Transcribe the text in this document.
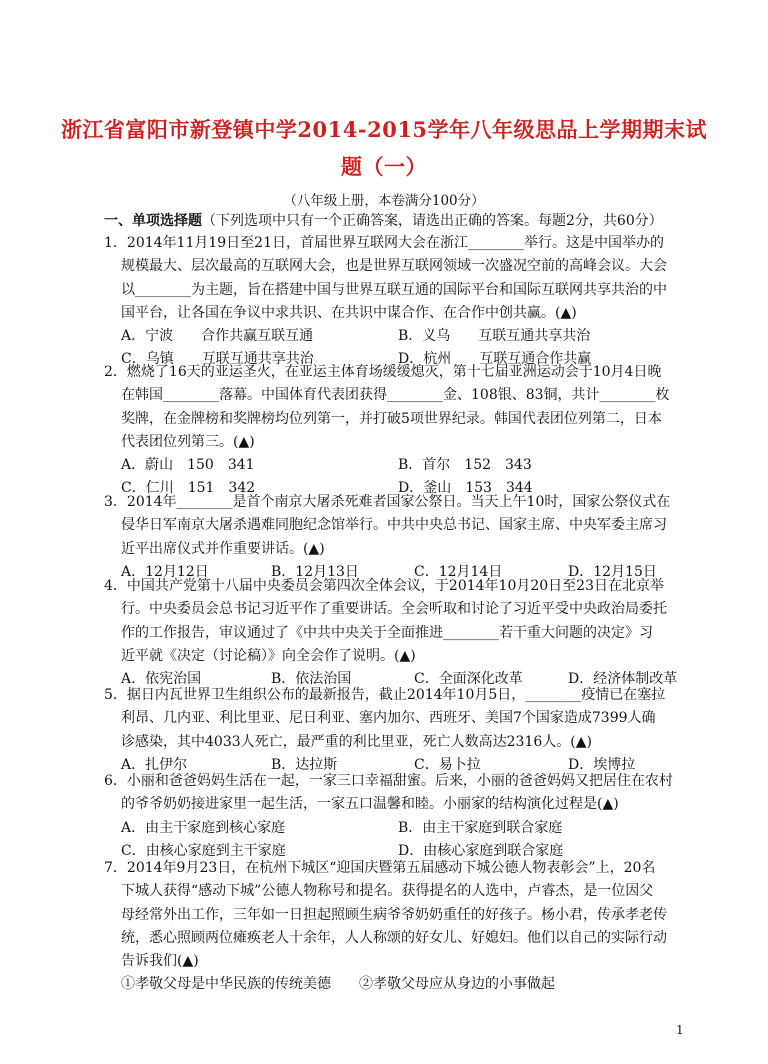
浙江省富阳市新登镇中学2014-2015学年八年级思品上学期期末试
题（一）
（八年级上册，本卷满分100分）
一、单项选择题（下列选项中只有一个正确答案，请选出正确的答案。每题2分，共60分）
1．2014年11月19日至21日，首届世界互联网大会在浙江________举行。这是中国举办的
规模最大、层次最高的互联网大会，也是世界互联网领域一次盛况空前的高峰会议。大会
以________为主题，旨在搭建中国与世界互联互通的国际平台和国际互联网共享共治的中
国平台，让各国在争议中求共识、在共识中谋合作、在合作中创共赢。(▲)
A．宁波　　合作共赢互联互通	B．义乌　　互联互通共享共治
C．乌镇　　互联互通共享共治	D．杭州　　互联互通合作共赢
2．燃烧了16天的亚运圣火，在亚运主体育场缓缓熄灭，第十七届亚洲运动会于10月4日晚
在韩国________落幕。中国体育代表团获得________金、108银、83铜，共计________枚
奖牌，在金牌榜和奖牌榜均位列第一，并打破5项世界纪录。韩国代表团位列第二，日本
代表团位列第三。(▲)
A．蔚山　150　341	B．首尔　152　343
C．仁川　151　342	D．釜山　153　344
3．2014年________是首个南京大屠杀死难者国家公祭日。当天上午10时，国家公祭仪式在
侵华日军南京大屠杀遇难同胞纪念馆举行。中共中央总书记、国家主席、中央军委主席习
近平出席仪式并作重要讲话。(▲)
A．12月12日	B．12月13日	C．12月14日	D．12月15日
4．中国共产党第十八届中央委员会第四次全体会议，于2014年10月20日至23日在北京举
行。中央委员会总书记习近平作了重要讲话。全会听取和讨论了习近平受中央政治局委托
作的工作报告，审议通过了《中共中央关于全面推进________若干重大问题的决定》习
近平就《决定（讨论稿）》向全会作了说明。(▲)
A．依宪治国	B．依法治国	C．全面深化改革	D．经济体制改革
5．据日内瓦世界卫生组织公布的最新报告，截止2014年10月5日，________疫情已在塞拉
利昂、几内亚、利比里亚、尼日利亚、塞内加尔、西班牙、美国7个国家造成7399人确
诊感染，其中4033人死亡，最严重的利比里亚，死亡人数高达2316人。(▲)
A．扎伊尔	B．达拉斯	C．易卜拉	D．埃博拉
6．小丽和爸爸妈妈生活在一起，一家三口幸福甜蜜。后来，小丽的爸爸妈妈又把居住在农村
的爷爷奶奶接进家里一起生活，一家五口温馨和睦。小丽家的结构演化过程是(▲)
A．由主干家庭到核心家庭	B．由主干家庭到联合家庭
C．由核心家庭到主干家庭	D．由核心家庭到联合家庭
7．2014年9月23日，在杭州下城区“迎国庆暨第五届感动下城公德人物表彰会”上，20名
下城人获得“感动下城”公德人物称号和提名。获得提名的人选中，卢睿杰，是一位因父
母经常外出工作，三年如一日担起照顾生病爷爷奶奶重任的好孩子。杨小君，传承孝老传
统，悉心照顾两位瘫痪老人十余年，人人称颂的好女儿、好媳妇。他们以自己的实际行动
告诉我们(▲)
①孝敬父母是中华民族的传统美德　　②孝敬父母应从身边的小事做起
1
